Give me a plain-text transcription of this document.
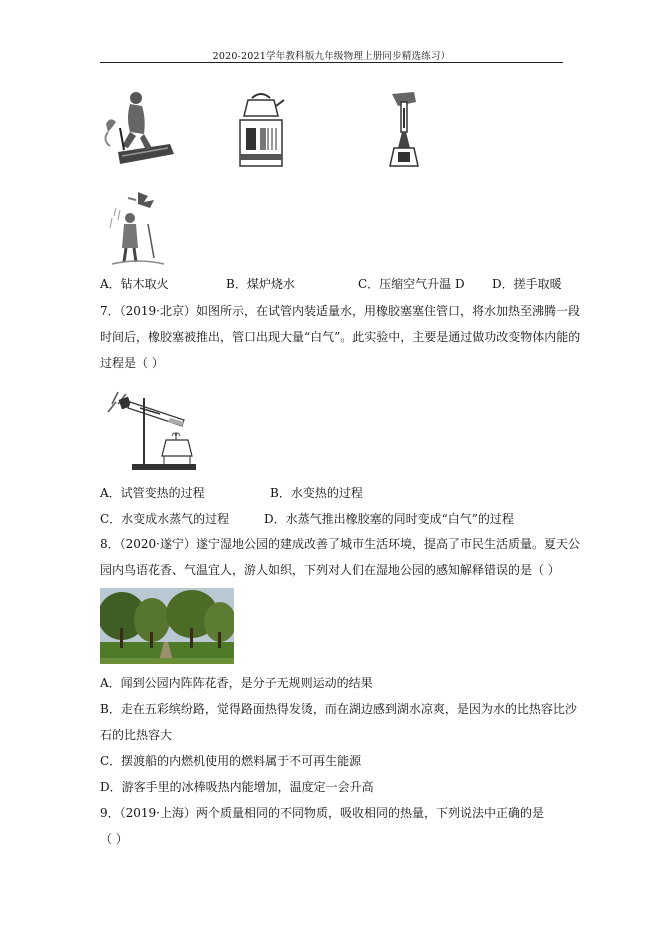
2020-2021学年教科版九年级物理上册同步精选练习）
A．钻木取火	B．煤炉烧水	C．压缩空气升温 D D．搓手取暖
7．（2019·北京）如图所示，在试管内装适量水，用橡胶塞塞住管口，将水加热至沸腾一段
时间后，橡胶塞被推出，管口出现大量“白气”。此实验中，主要是通过做功改变物体内能的
过程是（ ）
A．试管变热的过程	B．水变热的过程
C．水变成水蒸气的过程	D．水蒸气推出橡胶塞的同时变成“白气”的过程
8．（2020·遂宁）遂宁湿地公园的建成改善了城市生活环境，提高了市民生活质量。夏天公
园内鸟语花香、气温宜人，游人如织，下列对人们在湿地公园的感知解释错误的是（ ）
A．闻到公园内阵阵花香，是分子无规则运动的结果
B．走在五彩缤纷路，觉得路面热得发烫，而在湖边感到湖水凉爽，是因为水的比热容比沙
石的比热容大
C．摆渡船的内燃机使用的燃料属于不可再生能源
D．游客手里的冰棒吸热内能增加，温度定一会升高
9．（2019·上海）两个质量相同的不同物质，吸收相同的热量，下列说法中正确的是
（ ）
